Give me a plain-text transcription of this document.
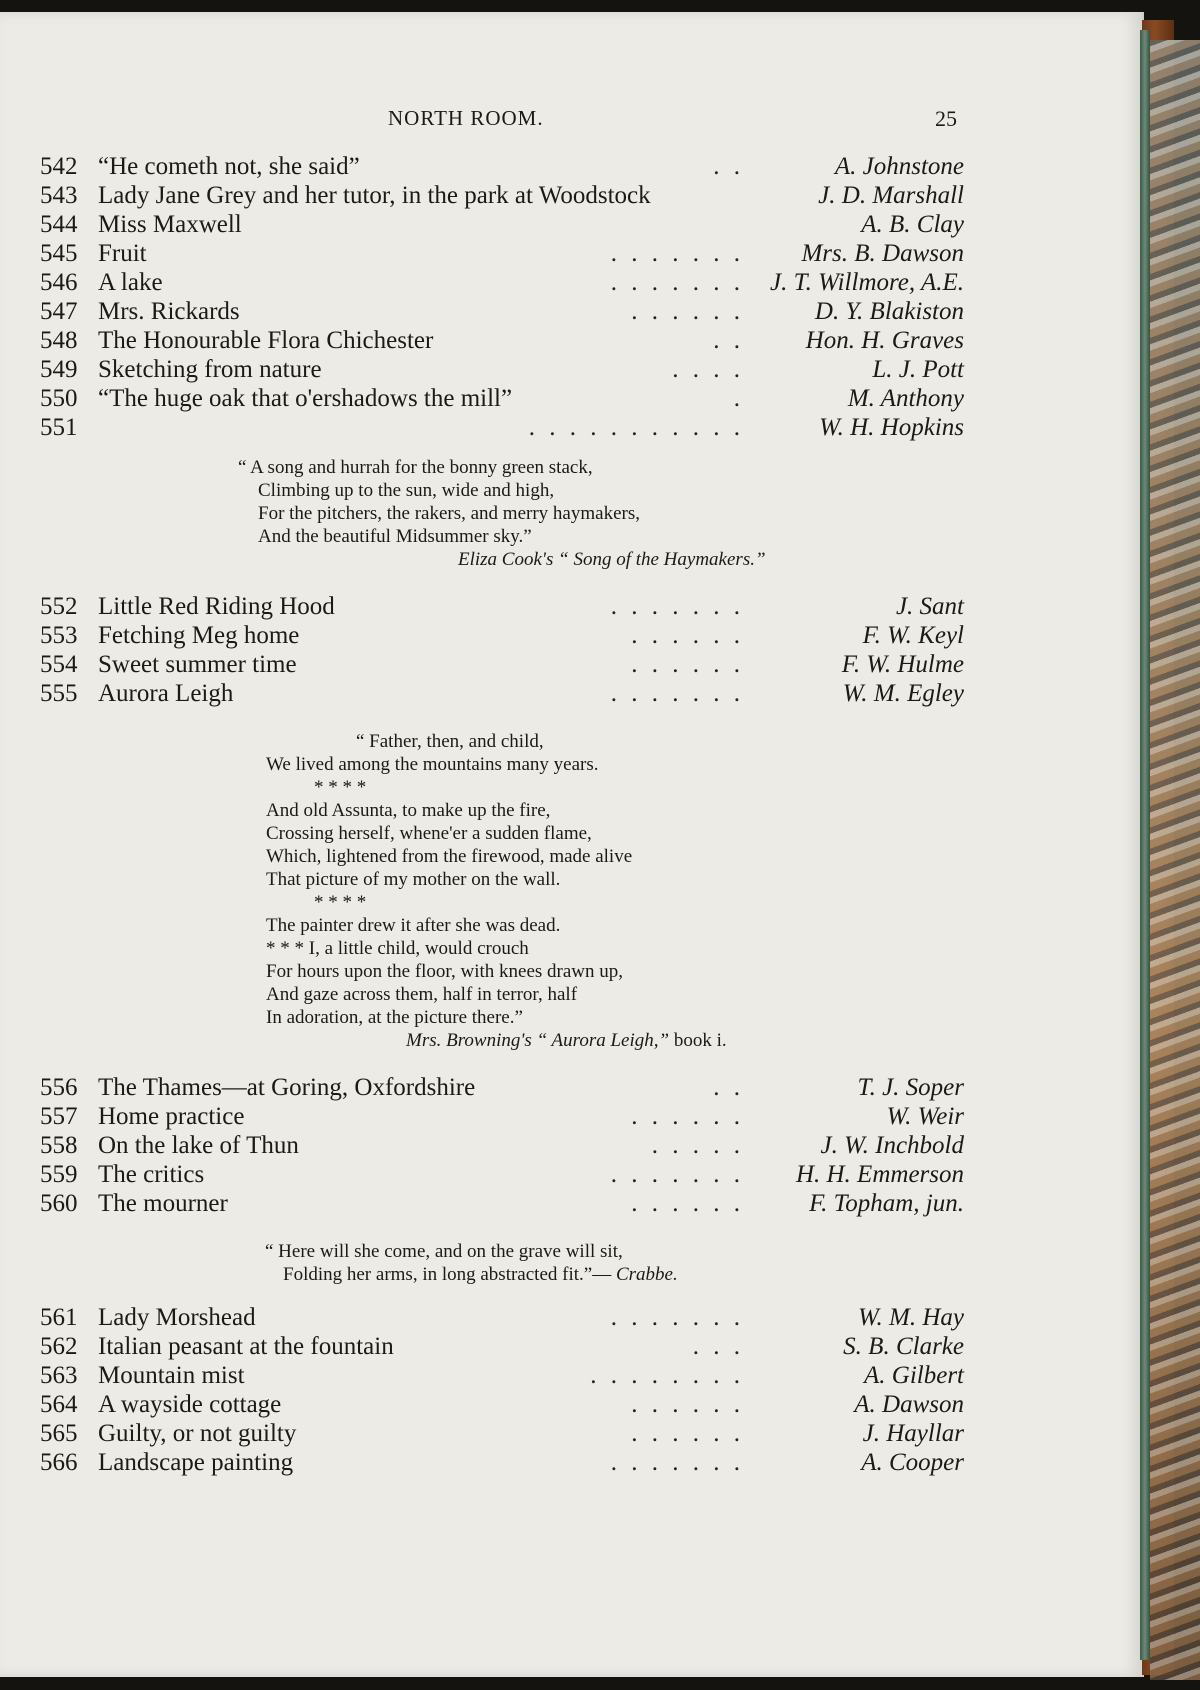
NORTH ROOM.	25
542 “He cometh not, she said”	. .	A. Johnstone
543 Lady Jane Grey and her tutor, in the park at Woodstock	J. D. Marshall
544 Miss Maxwell	A. B. Clay
545 Fruit	. . . . . . . Mrs. B. Dawson
546 A lake	. . . . . . . J. T. Willmore, A.E.
547 Mrs. Rickards	. . . . . .	D. Y. Blakiston
548 The Honourable Flora Chichester	. . Hon. H. Graves
549 Sketching from nature	. . . .	L. J. Pott
550 “The huge oak that o'ershadows the mill”	.	M. Anthony
551	. . . . . . . . . . .	W. H. Hopkins
“ A song and hurrah for the bonny green stack,
Climbing up to the sun, wide and high,
For the pitchers, the rakers, and merry haymakers,
And the beautiful Midsummer sky.”
Eliza Cook's “ Song of the Haymakers.”
552 Little Red Riding Hood	. . . . . . .	J. Sant
553 Fetching Meg home	. . . . . .	F. W. Keyl
554 Sweet summer time	. . . . . .	F. W. Hulme
555 Aurora Leigh	. . . . . . .	W. M. Egley
“ Father, then, and child,
We lived among the mountains many years.
* * * *
And old Assunta, to make up the fire,
Crossing herself, whene'er a sudden flame,
Which, lightened from the firewood, made alive
That picture of my mother on the wall.
* * * *
The painter drew it after she was dead.
* * * I, a little child, would crouch
For hours upon the floor, with knees drawn up,
And gaze across them, half in terror, half
In adoration, at the picture there.”
Mrs. Browning's “ Aurora Leigh,” book i.
556 The Thames—at Goring, Oxfordshire	. .	T. J. Soper
557 Home practice	. . . . . .	W. Weir
558 On the lake of Thun	. . . . .	J. W. Inchbold
559 The critics	. . . . . . . H. H. Emmerson
560 The mourner	. . . . . .	F. Topham, jun.
“ Here will she come, and on the grave will sit,
Folding her arms, in long abstracted fit.”— Crabbe.
561 Lady Morshead	. . . . . . .	W. M. Hay
562 Italian peasant at the fountain	. . .	S. B. Clarke
563 Mountain mist	. . . . . . . .	A. Gilbert
564 A wayside cottage	. . . . . .	A. Dawson
565 Guilty, or not guilty	. . . . . .	J. Hayllar
566 Landscape painting	. . . . . . .	A. Cooper
